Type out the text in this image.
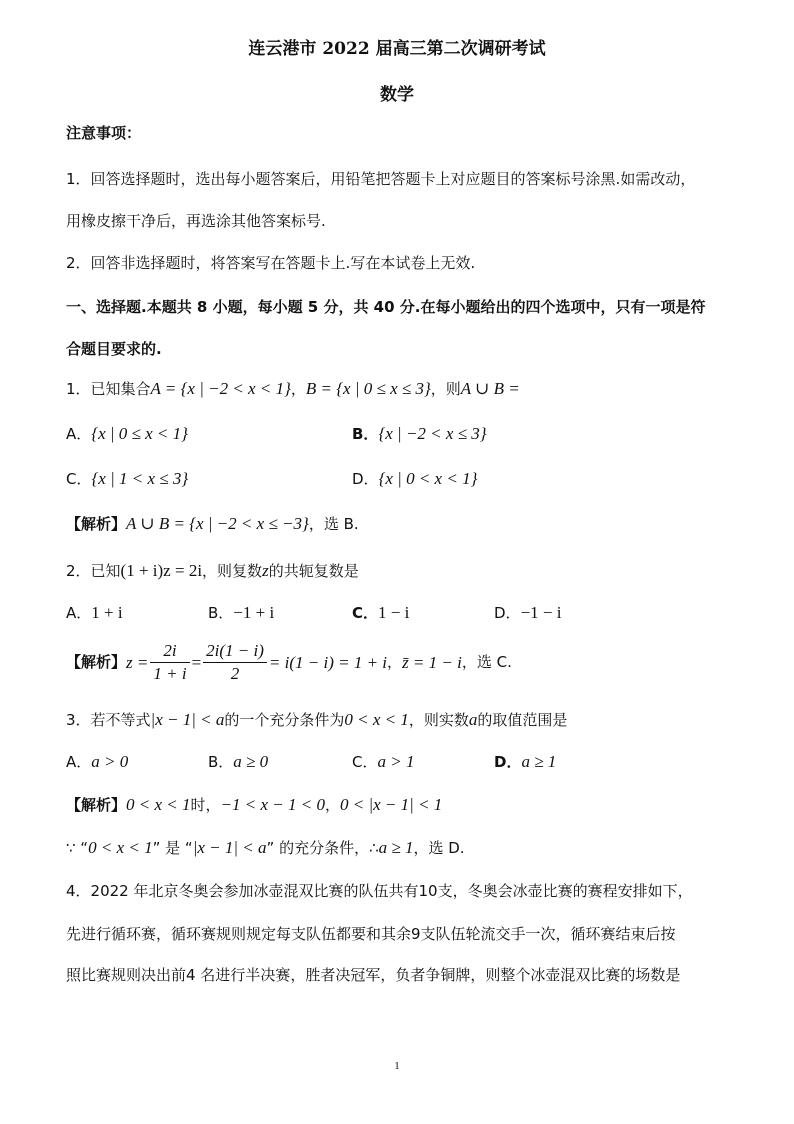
连云港市 2022 届高三第二次调研考试
数学
注意事项：
1．回答选择题时，选出每小题答案后，用铅笔把答题卡上对应题目的答案标号涂黑.如需改动，
用橡皮擦干净后，再选涂其他答案标号.
2．回答非选择题时，将答案写在答题卡上.写在本试卷上无效.
一、选择题.本题共 8 小题，每小题 5 分，共 40 分.在每小题给出的四个选项中，只有一项是符
合题目要求的.
1．已知集合A = {x | −2 < x < 1}，B = {x | 0 ≤ x ≤ 3}，则A ∪ B =
A．{x | 0 ≤ x < 1}	B．{x | −2 < x ≤ 3}
C．{x | 1 < x ≤ 3}	D．{x | 0 < x < 1}
【解析】A ∪ B = {x | −2 < x ≤ −3}，选 B.
2．已知(1 + i)z = 2i，则复数z的共轭复数是
A．1 + i	B．−1 + i	C．1 − i	D．−1 − i
【解析】$z = \frac{2i}{1 + i} = \frac{2i(1 - i)}{2} = i(1 - i) = 1 + i$，z̄ = 1 − i，选 C.
3．若不等式|x − 1| < a的一个充分条件为0 < x < 1，则实数a的取值范围是
A．a > 0	B．a ≥ 0	C．a > 1	D．a ≥ 1
【解析】0 < x < 1时，−1 < x − 1 < 0，0 < |x − 1| < 1
∵ “0 < x < 1” 是 “|x − 1| < a” 的充分条件，∴a ≥ 1，选 D.
4．2022 年北京冬奥会参加冰壶混双比赛的队伍共有10支，冬奥会冰壶比赛的赛程安排如下，
先进行循环赛，循环赛规则规定每支队伍都要和其余9支队伍轮流交手一次，循环赛结束后按
照比赛规则决出前4 名进行半决赛，胜者决冠军，负者争铜牌，则整个冰壶混双比赛的场数是
1
